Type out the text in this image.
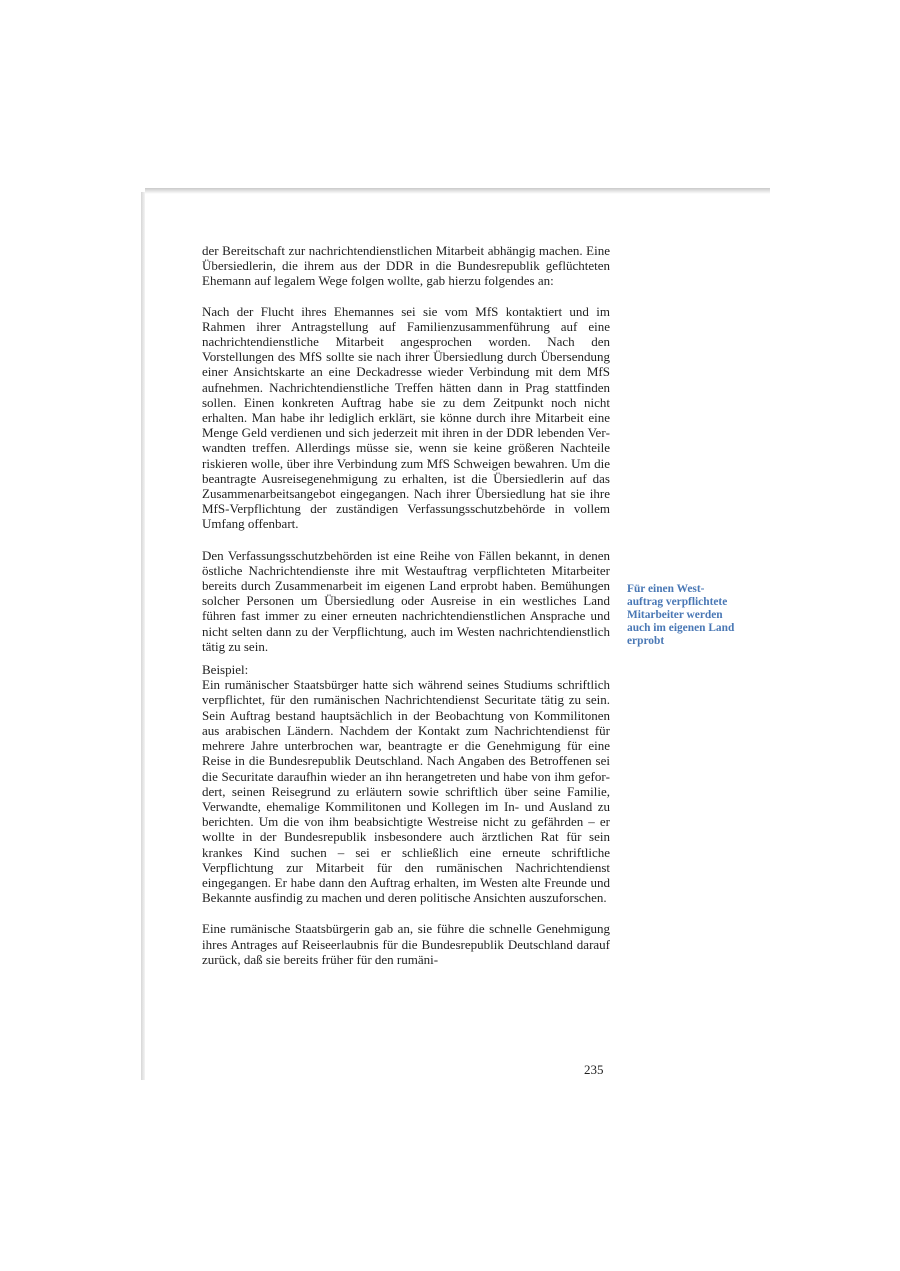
der Bereitschaft zur nachrichtendienstlichen Mitarbeit abhängig machen. Eine Übersiedlerin, die ihrem aus der DDR in die Bundesrepublik geflüchteten Ehemann auf legalem Wege folgen wollte, gab hierzu folgendes an:

Nach der Flucht ihres Ehemannes sei sie vom MfS kontaktiert und im Rahmen ihrer Antragstellung auf Familienzusammenführung auf eine nachrichtendienstliche Mitarbeit angesprochen worden. Nach den Vorstellungen des MfS sollte sie nach ihrer Übersiedlung durch Übersendung einer Ansichtskarte an eine Deckadresse wieder Verbindung mit dem MfS aufnehmen. Nachrichtendienstliche Treffen hätten dann in Prag stattfinden sollen. Einen konkreten Auftrag habe sie zu dem Zeitpunkt noch nicht erhalten. Man habe ihr lediglich erklärt, sie könne durch ihre Mitarbeit eine Menge Geld verdienen und sich jederzeit mit ihren in der DDR lebenden Verwandten treffen. Allerdings müsse sie, wenn sie keine größeren Nachteile riskieren wolle, über ihre Verbindung zum MfS Schweigen bewahren. Um die beantragte Ausreisegenehmigung zu erhalten, ist die Übersiedlerin auf das Zusammenarbeitsangebot eingegangen. Nach ihrer Übersiedlung hat sie ihre MfS-Verpflichtung der zuständigen Verfassungsschutzbehörde in vollem Umfang offenbart.

Den Verfassungsschutzbehörden ist eine Reihe von Fällen bekannt, in denen östliche Nachrichtendienste ihre mit Westauftrag verpflichteten Mitarbeiter bereits durch Zusammenarbeit im eigenen Land erprobt haben. Bemühungen solcher Personen um Übersiedlung oder Ausreise in ein westliches Land führen fast immer zu einer erneuten nachrichtendienstlichen Ansprache und nicht selten dann zu der Verpflichtung, auch im Westen nachrichtendienstlich tätig zu sein.

Beispiel:

Ein rumänischer Staatsbürger hatte sich während seines Studiums schriftlich verpflichtet, für den rumänischen Nachrichtendienst Securitate tätig zu sein. Sein Auftrag bestand hauptsächlich in der Beobachtung von Kommilitonen aus arabischen Ländern. Nachdem der Kontakt zum Nachrichtendienst für mehrere Jahre unterbrochen war, beantragte er die Genehmigung für eine Reise in die Bundesrepublik Deutschland. Nach Angaben des Betroffenen sei die Securitate daraufhin wieder an ihn herangetreten und habe von ihm gefordert, seinen Reisegrund zu erläutern sowie schriftlich über seine Familie, Verwandte, ehemalige Kommilitonen und Kollegen im In- und Ausland zu berichten. Um die von ihm beabsichtigte Westreise nicht zu gefährden – er wollte in der Bundesrepublik insbesondere auch ärztlichen Rat für sein krankes Kind suchen – sei er schließlich eine erneute schriftliche Verpflichtung zur Mitarbeit für den rumänischen Nachrichtendienst eingegangen. Er habe dann den Auftrag erhalten, im Westen alte Freunde und Bekannte ausfindig zu machen und deren politische Ansichten auszuforschen.

Eine rumänische Staatsbürgerin gab an, sie führe die schnelle Genehmigung ihres Antrages auf Reiseerlaubnis für die Bundesrepublik Deutschland darauf zurück, daß sie bereits früher für den rumäni-

Für einen West-
auftrag verpflichtete
Mitarbeiter werden
auch im eigenen Land
erprobt
235
